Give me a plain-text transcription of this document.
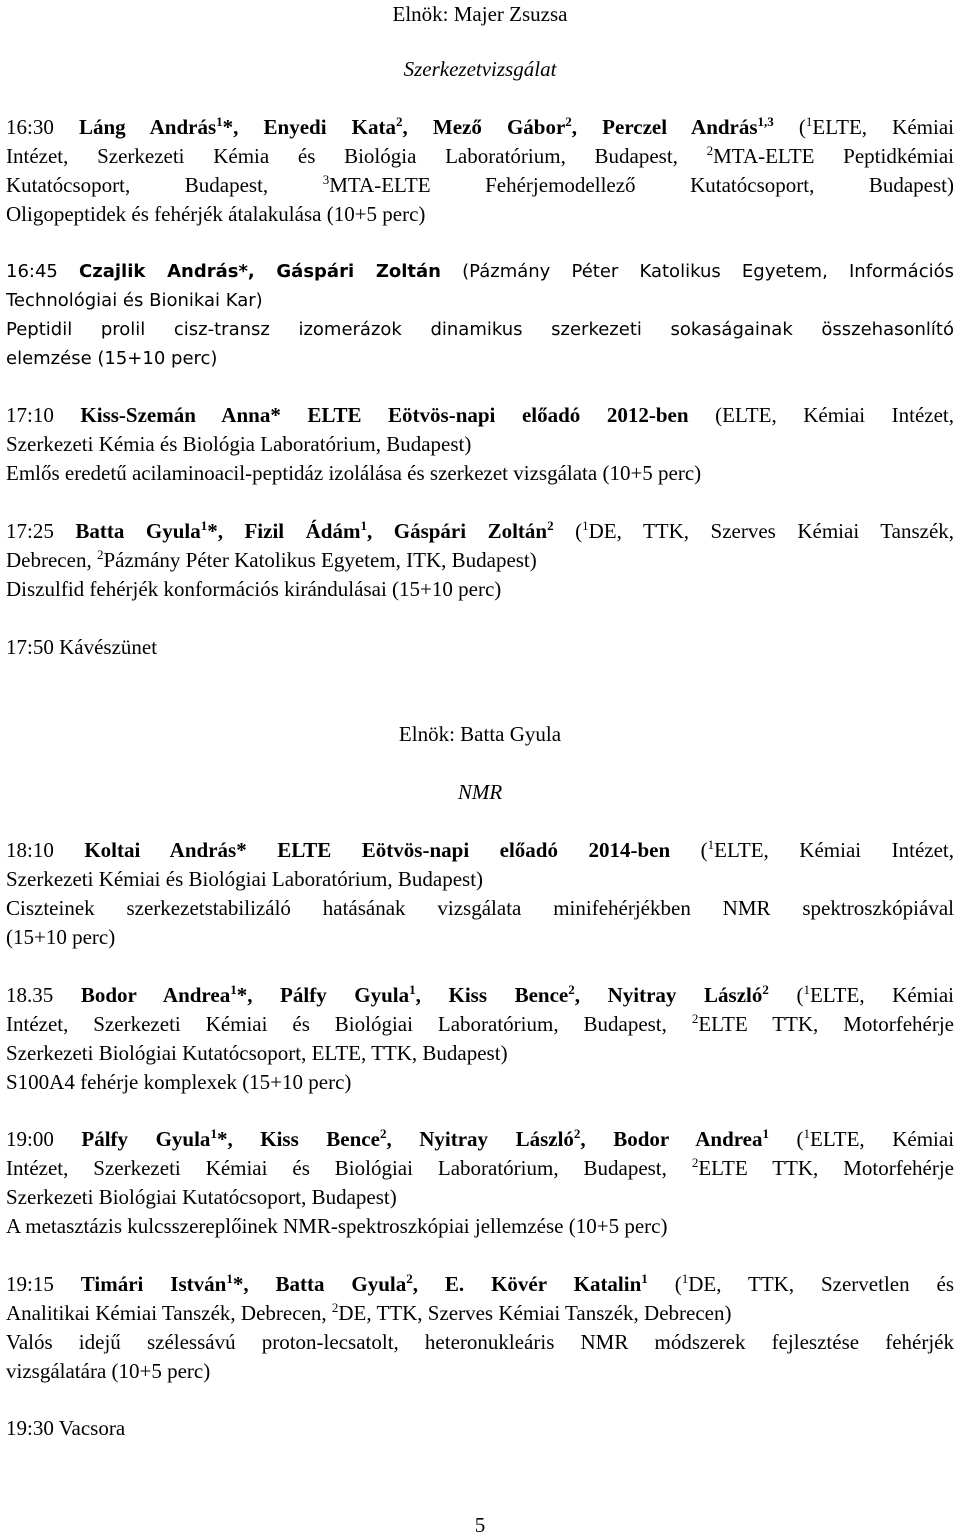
Elnök: Majer Zsuzsa
Szerkezetvizsgálat
16:30 Láng András$^1$*, Enyedi Kata$^2$, Mező Gábor$^2$, Perczel András$^{1,3}$ ($^1$ELTE, Kémiai
Intézet, Szerkezeti Kémia és Biológia Laboratórium, Budapest, $^2$MTA-ELTE Peptidkémiai
Kutatócsoport, Budapest, $^3$MTA-ELTE Fehérjemodellező Kutatócsoport, Budapest)
Oligopeptidek és fehérjék átalakulása (10+5 perc)
16:45 Czajlik András*, Gáspári Zoltán (Pázmány Péter Katolikus Egyetem, Információs
Technológiai és Bionikai Kar)
Peptidil prolil cisz-transz izomerázok dinamikus szerkezeti sokaságainak összehasonlító
elemzése (15+10 perc)
17:10 Kiss-Szemán Anna* ELTE Eötvös-napi előadó 2012-ben (ELTE, Kémiai Intézet,
Szerkezeti Kémia és Biológia Laboratórium, Budapest)
Emlős eredetű acilaminoacil-peptidáz izolálása és szerkezet vizsgálata (10+5 perc)
17:25 Batta Gyula$^1$*, Fizil Ádám$^1$, Gáspári Zoltán$^2$ ($^1$DE, TTK, Szerves Kémiai Tanszék,
Debrecen, $^2$Pázmány Péter Katolikus Egyetem, ITK, Budapest)
Diszulfid fehérjék konformációs kirándulásai (15+10 perc)
17:50 Kávészünet
Elnök: Batta Gyula
NMR
18:10 Koltai András* ELTE Eötvös-napi előadó 2014-ben ($^1$ELTE, Kémiai Intézet,
Szerkezeti Kémiai és Biológiai Laboratórium, Budapest)
Ciszteinek szerkezetstabilizáló hatásának vizsgálata minifehérjékben NMR spektroszkópiával
(15+10 perc)
18.35 Bodor Andrea$^1$*, Pálfy Gyula$^1$, Kiss Bence$^2$, Nyitray László$^2$ ($^1$ELTE, Kémiai
Intézet, Szerkezeti Kémiai és Biológiai Laboratórium, Budapest, $^2$ELTE TTK, Motorfehérje
Szerkezeti Biológiai Kutatócsoport, ELTE, TTK, Budapest)
S100A4 fehérje komplexek (15+10 perc)
19:00 Pálfy Gyula$^1$*, Kiss Bence$^2$, Nyitray László$^2$, Bodor Andrea$^1$ ($^1$ELTE, Kémiai
Intézet, Szerkezeti Kémiai és Biológiai Laboratórium, Budapest, $^2$ELTE TTK, Motorfehérje
Szerkezeti Biológiai Kutatócsoport, Budapest)
A metasztázis kulcsszereplőinek NMR-spektroszkópiai jellemzése (10+5 perc)
19:15 Timári István$^1$*, Batta Gyula$^2$, E. Kövér Katalin$^1$ ($^1$DE, TTK, Szervetlen és
Analitikai Kémiai Tanszék, Debrecen, $^2$DE, TTK, Szerves Kémiai Tanszék, Debrecen)
Valós idejű szélessávú proton-lecsatolt, heteronukleáris NMR módszerek fejlesztése fehérjék
vizsgálatára (10+5 perc)
19:30 Vacsora
5
